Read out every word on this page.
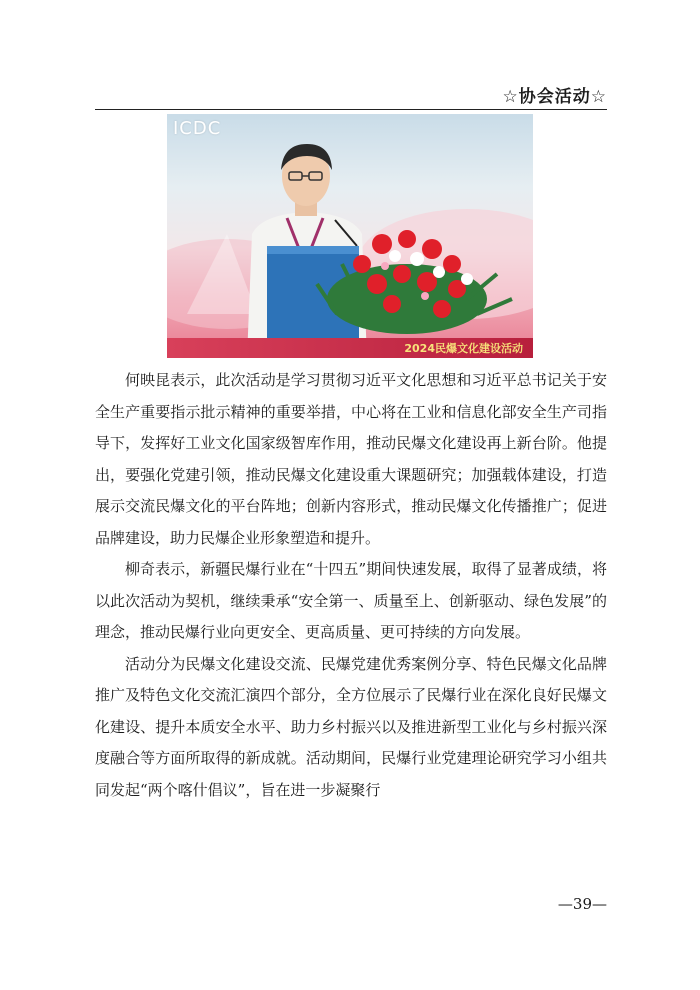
☆协会活动☆
ICDC
2024民爆文化建设活动

何映昆表示，此次活动是学习贯彻习近平文化思想和习近平总书记关于安全生产重要指示批示精神的重要举措，中心将在工业和信息化部安全生产司指导下，发挥好工业文化国家级智库作用，推动民爆文化建设再上新台阶。他提出，要强化党建引领，推动民爆文化建设重大课题研究；加强载体建设，打造展示交流民爆文化的平台阵地；创新内容形式，推动民爆文化传播推广；促进品牌建设，助力民爆企业形象塑造和提升。

柳奇表示，新疆民爆行业在“十四五”期间快速发展，取得了显著成绩，将以此次活动为契机，继续秉承“安全第一、质量至上、创新驱动、绿色发展”的理念，推动民爆行业向更安全、更高质量、更可持续的方向发展。

活动分为民爆文化建设交流、民爆党建优秀案例分享、特色民爆文化品牌推广及特色文化交流汇演四个部分，全方位展示了民爆行业在深化良好民爆文化建设、提升本质安全水平、助力乡村振兴以及推进新型工业化与乡村振兴深度融合等方面所取得的新成就。活动期间，民爆行业党建理论研究学习小组共同发起“两个喀什倡议”，旨在进一步凝聚行

—39—
